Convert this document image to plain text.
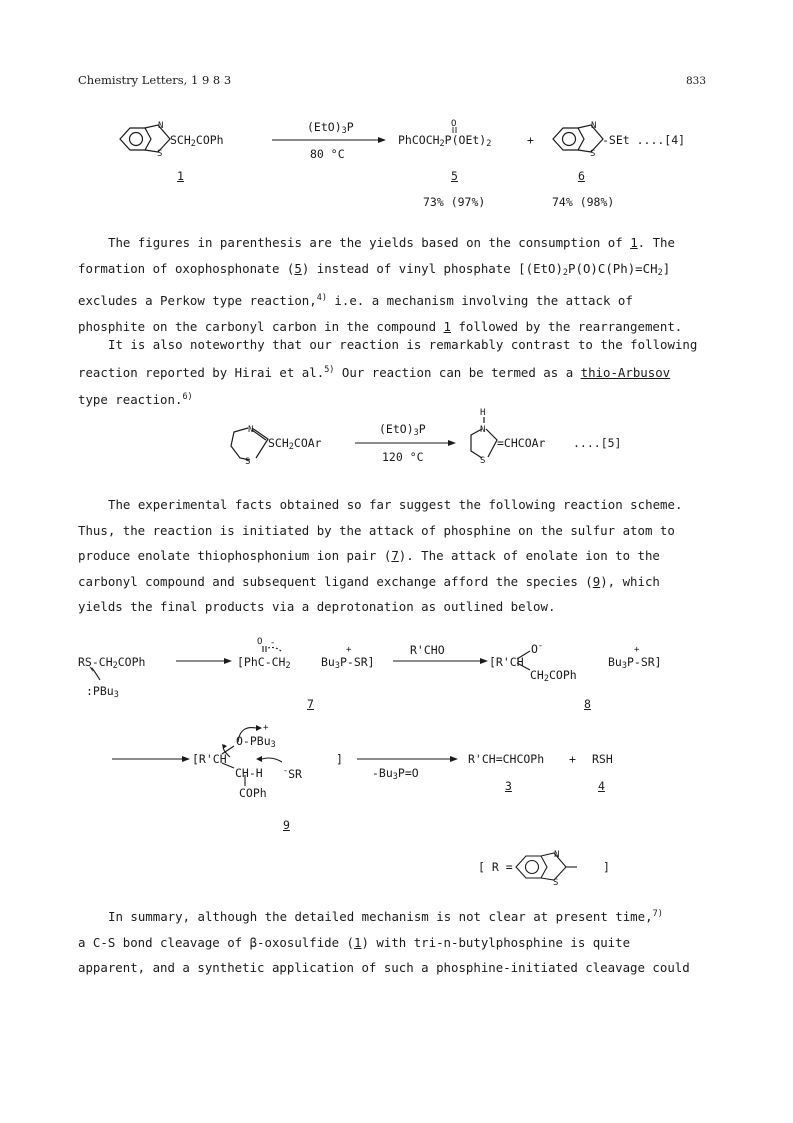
Chemistry Letters, 1 9 8 3	833
N
S
N
S
O
$SCH_2COPh$
$(EtO)_3P$
80 °C
$PhCOCH_2P(OEt)_2$	+	-SEt ....[4]
1	5	6
73% (97%)	74% (98%)
The figures in parenthesis are the yields based on the consumption of 1. The
formation of oxophosphonate (5) instead of vinyl phosphate $[(EtO)_2P(O)C(Ph)=CH_2]$
excludes a Perkow type reaction,$^{4)}$ i.e. a mechanism involving the attack of
phosphite on the carbonyl carbon in the compound 1 followed by the rearrangement.
It is also noteworthy that our reaction is remarkably contrast to the following
reaction reported by Hirai et al.$^{5)}$ Our reaction can be termed as a thio-Arbusov
type reaction.$^{6)}$
N
S
H
N
S
$SCH_2COAr$
$(EtO)_3P$
120 °C
=CHCOAr ....[5]
The experimental facts obtained so far suggest the following reaction scheme.
Thus, the reaction is initiated by the attack of phosphine on the sulfur atom to
produce enolate thiophosphonium ion pair (7). The attack of enolate ion to the
carbonyl compound and subsequent ligand exchange afford the species (9), which
yields the final products via a deprotonation as outlined below.
O -
N
S
$RS-CH_2COPh$
:PBu$_3$
[$PhC-CH_2$
+
$Bu_3P-SR$]
R'CHO
[R'CH
O-
$CH_2COPh$
+
$Bu_3P-SR$]
7	8
+
O-PBu$_3$
[R'CH
CH-H
COPh
-SR
]
$-Bu_3P=O$
R'CH=CHCOPh + RSH
9
3	4
[ R =	]
In summary, although the detailed mechanism is not clear at present time,$^{7)}$
a C-S bond cleavage of β-oxosulfide (1) with tri-n-butylphosphine is quite
apparent, and a synthetic application of such a phosphine-initiated cleavage could
